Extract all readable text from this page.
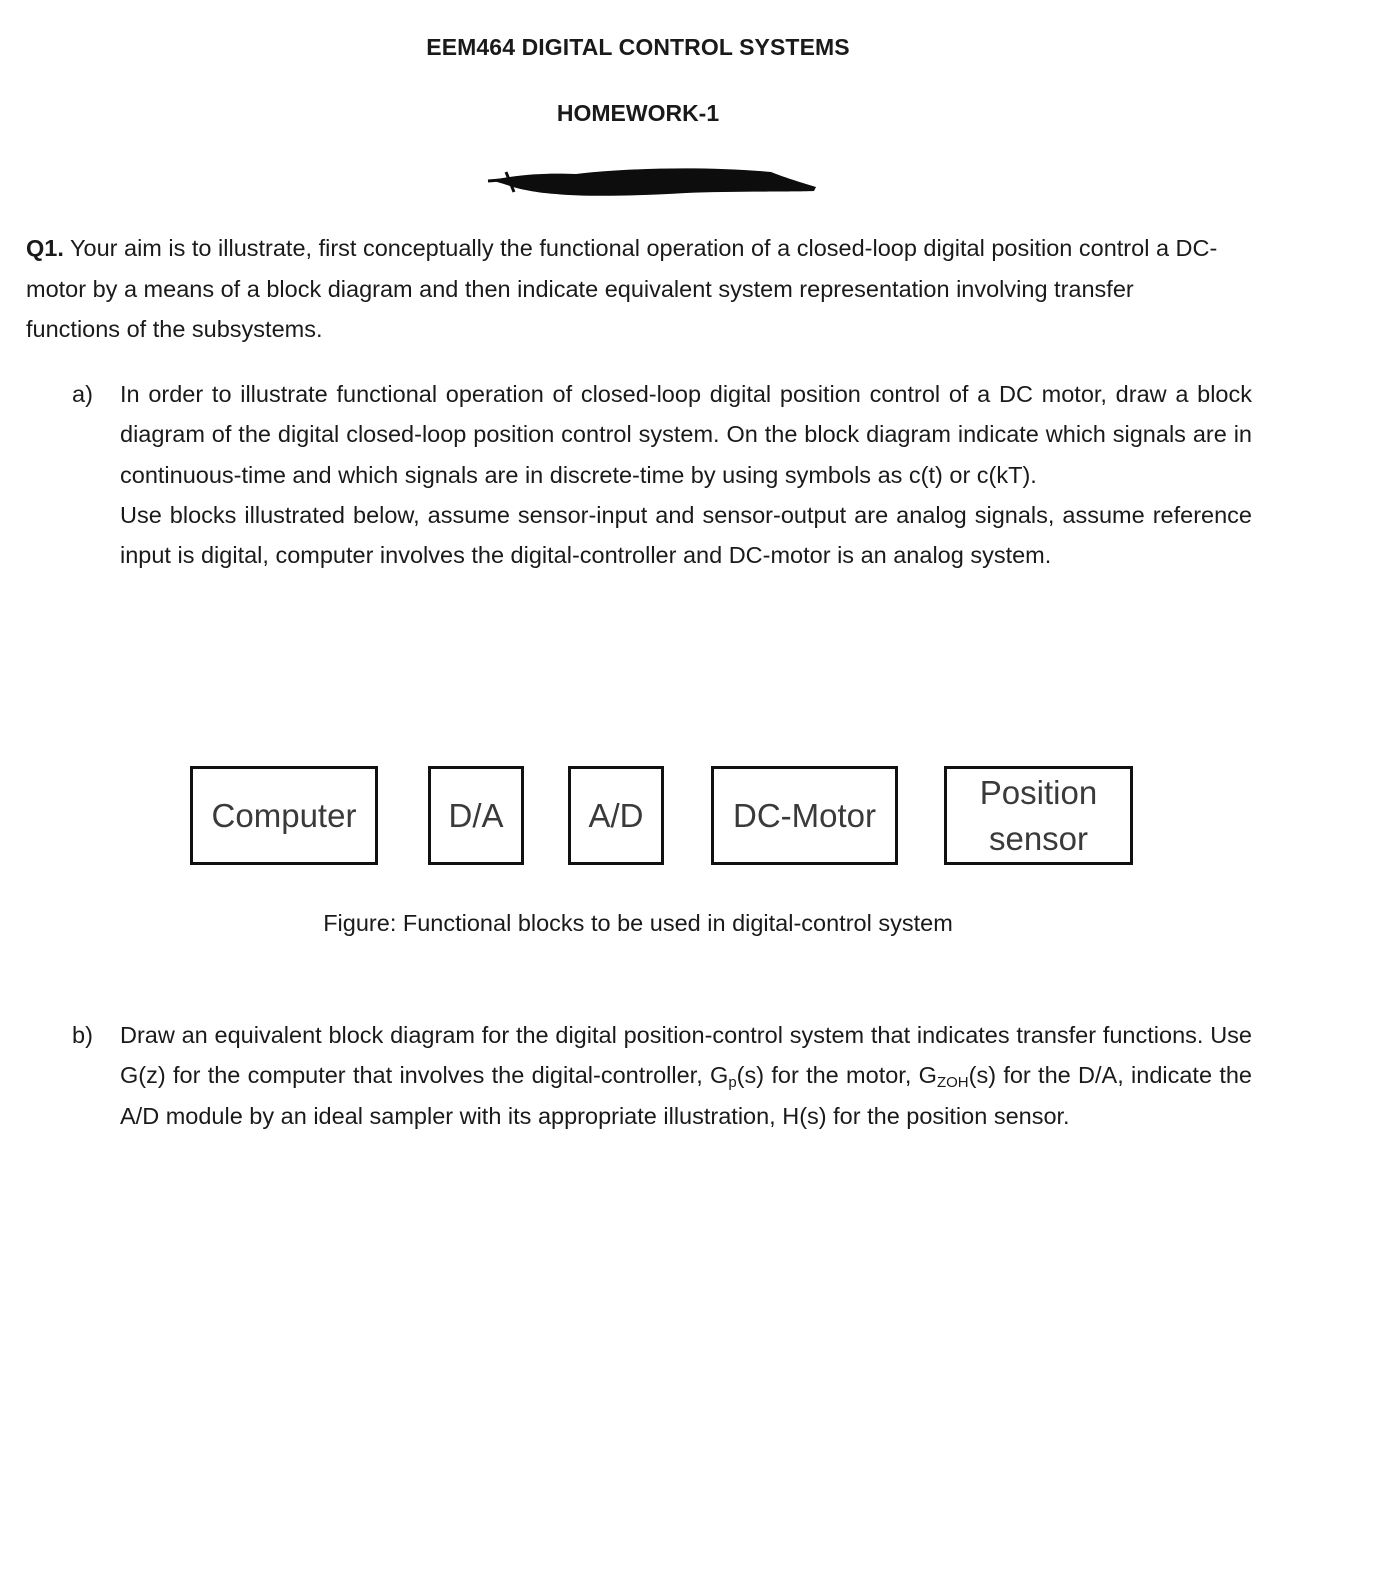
EEM464 DIGITAL CONTROL SYSTEMS
HOMEWORK-1
Q1. Your aim is to illustrate, first conceptually the functional operation of a closed-loop digital position control a DC-motor by a means of a block diagram and then indicate equivalent system representation involving transfer functions of the subsystems.
a)	In order to illustrate functional operation of closed-loop digital position control of a DC motor, draw a block diagram of the digital closed-loop position control system. On the block diagram indicate which signals are in continuous-time and which signals are in discrete-time by using symbols as c(t) or c(kT).
Use blocks illustrated below, assume sensor-input and sensor-output are analog signals, assume reference input is digital, computer involves the digital-controller and DC-motor is an analog system.
Computer	D/A	A/D	DC-Motor
Position
sensor
Figure: Functional blocks to be used in digital-control system
b)	Draw an equivalent block diagram for the digital position-control system that indicates transfer functions. Use G(z) for the computer that involves the digital-controller, $G_p(s)$ for the motor, $G_{ZOH}(s)$ for the D/A, indicate the A/D module by an ideal sampler with its appropriate illustration, H(s) for the position sensor.
